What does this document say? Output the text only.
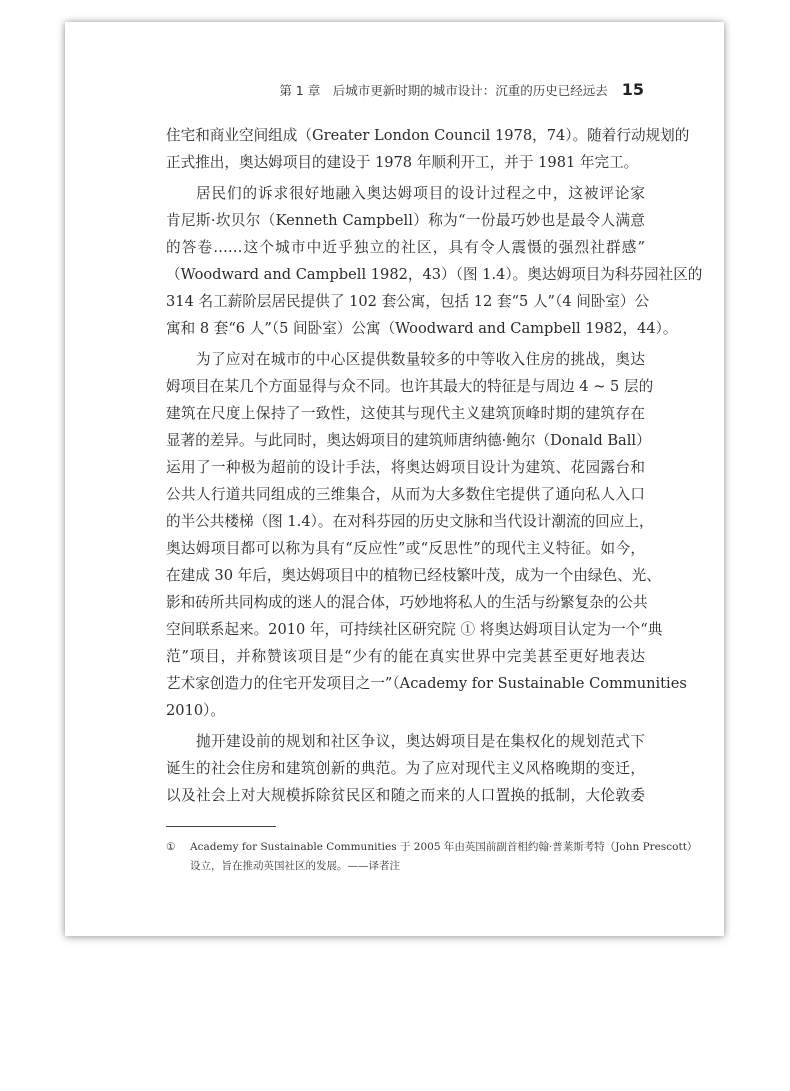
第 1 章　后城市更新时期的城市设计：沉重的历史已经远去 15
住宅和商业空间组成（Greater London Council 1978，74）。随着行动规划的
正式推出，奥达姆项目的建设于 1978 年顺利开工，并于 1981 年完工。
居民们的诉求很好地融入奥达姆项目的设计过程之中，这被评论家
肯尼斯·坎贝尔（Kenneth Campbell）称为“一份最巧妙也是最令人满意
的答卷……这个城市中近乎独立的社区，具有令人震慑的强烈社群感”
（Woodward and Campbell 1982，43）（图 1.4）。奥达姆项目为科芬园社区的
314 名工薪阶层居民提供了 102 套公寓，包括 12 套“5 人”（4 间卧室）公
寓和 8 套“6 人”（5 间卧室）公寓（Woodward and Campbell 1982，44）。
为了应对在城市的中心区提供数量较多的中等收入住房的挑战，奥达
姆项目在某几个方面显得与众不同。也许其最大的特征是与周边 4 ~ 5 层的
建筑在尺度上保持了一致性，这使其与现代主义建筑顶峰时期的建筑存在
显著的差异。与此同时，奥达姆项目的建筑师唐纳德·鲍尔（Donald Ball）
运用了一种极为超前的设计手法，将奥达姆项目设计为建筑、花园露台和
公共人行道共同组成的三维集合，从而为大多数住宅提供了通向私人入口
的半公共楼梯（图 1.4）。在对科芬园的历史文脉和当代设计潮流的回应上，
奥达姆项目都可以称为具有“反应性”或“反思性”的现代主义特征。如今，
在建成 30 年后，奥达姆项目中的植物已经枝繁叶茂，成为一个由绿色、光、
影和砖所共同构成的迷人的混合体，巧妙地将私人的生活与纷繁复杂的公共
空间联系起来。2010 年，可持续社区研究院 ① 将奥达姆项目认定为一个“典
范”项目，并称赞该项目是“少有的能在真实世界中完美甚至更好地表达
艺术家创造力的住宅开发项目之一”（Academy for Sustainable Communities
2010）。
抛开建设前的规划和社区争议，奥达姆项目是在集权化的规划范式下
诞生的社会住房和建筑创新的典范。为了应对现代主义风格晚期的变迁，
以及社会上对大规模拆除贫民区和随之而来的人口置换的抵制，大伦敦委
① Academy for Sustainable Communities 于 2005 年由英国前副首相约翰·普莱斯考特（John Prescott）
设立，旨在推动英国社区的发展。——译者注
